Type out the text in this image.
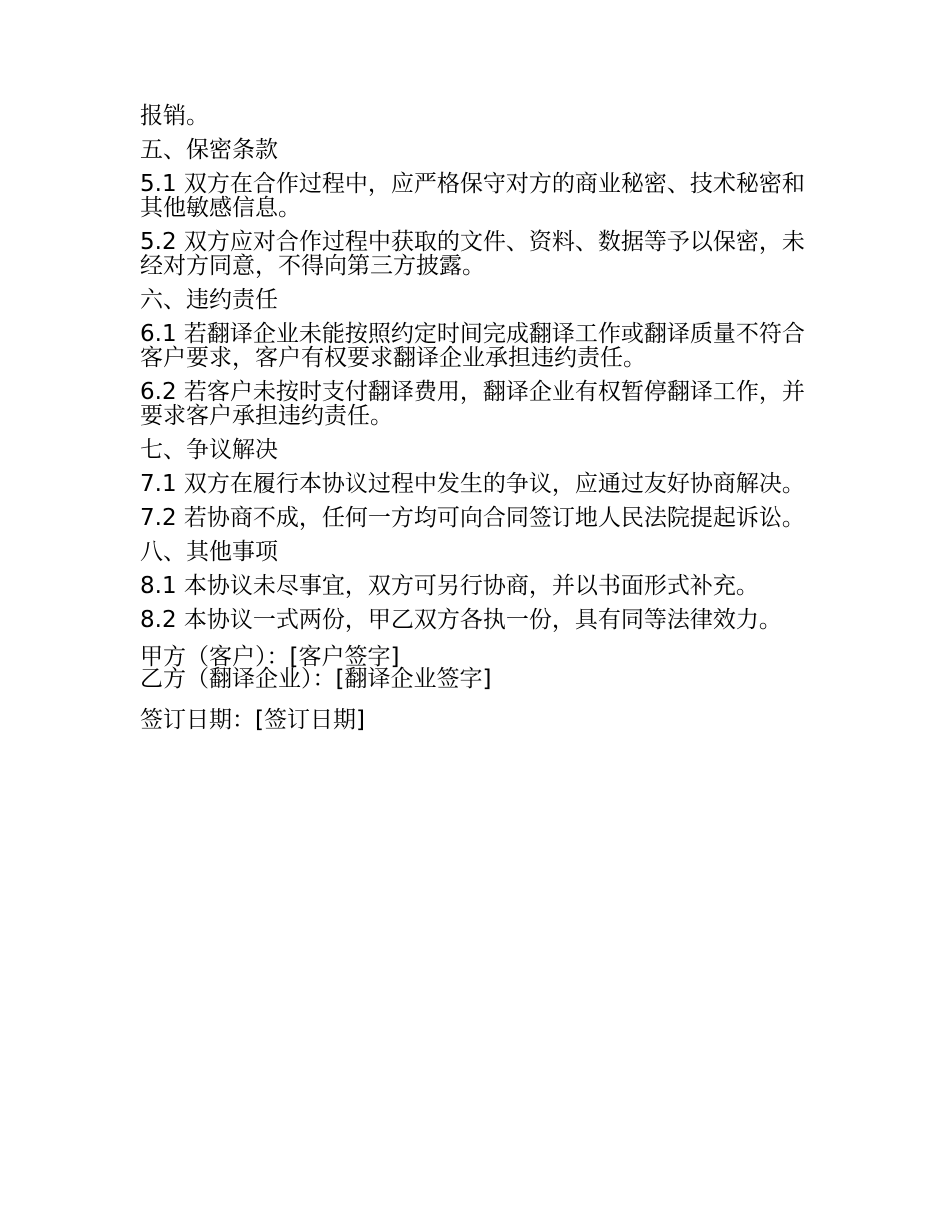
报销。

五、保密条款

5.1 双方在合作过程中，应严格保守对方的商业秘密、技术秘密和其他敏感信息。

5.2 双方应对合作过程中获取的文件、资料、数据等予以保密，未经对方同意，不得向第三方披露。

六、违约责任

6.1 若翻译企业未能按照约定时间完成翻译工作或翻译质量不符合客户要求，客户有权要求翻译企业承担违约责任。

6.2 若客户未按时支付翻译费用，翻译企业有权暂停翻译工作，并要求客户承担违约责任。

七、争议解决

7.1 双方在履行本协议过程中发生的争议，应通过友好协商解决。

7.2 若协商不成，任何一方均可向合同签订地人民法院提起诉讼。

八、其他事项

8.1 本协议未尽事宜，双方可另行协商，并以书面形式补充。

8.2 本协议一式两份，甲乙双方各执一份，具有同等法律效力。

甲方（客户）：[客户签字]

乙方（翻译企业）：[翻译企业签字]

签订日期：[签订日期]
